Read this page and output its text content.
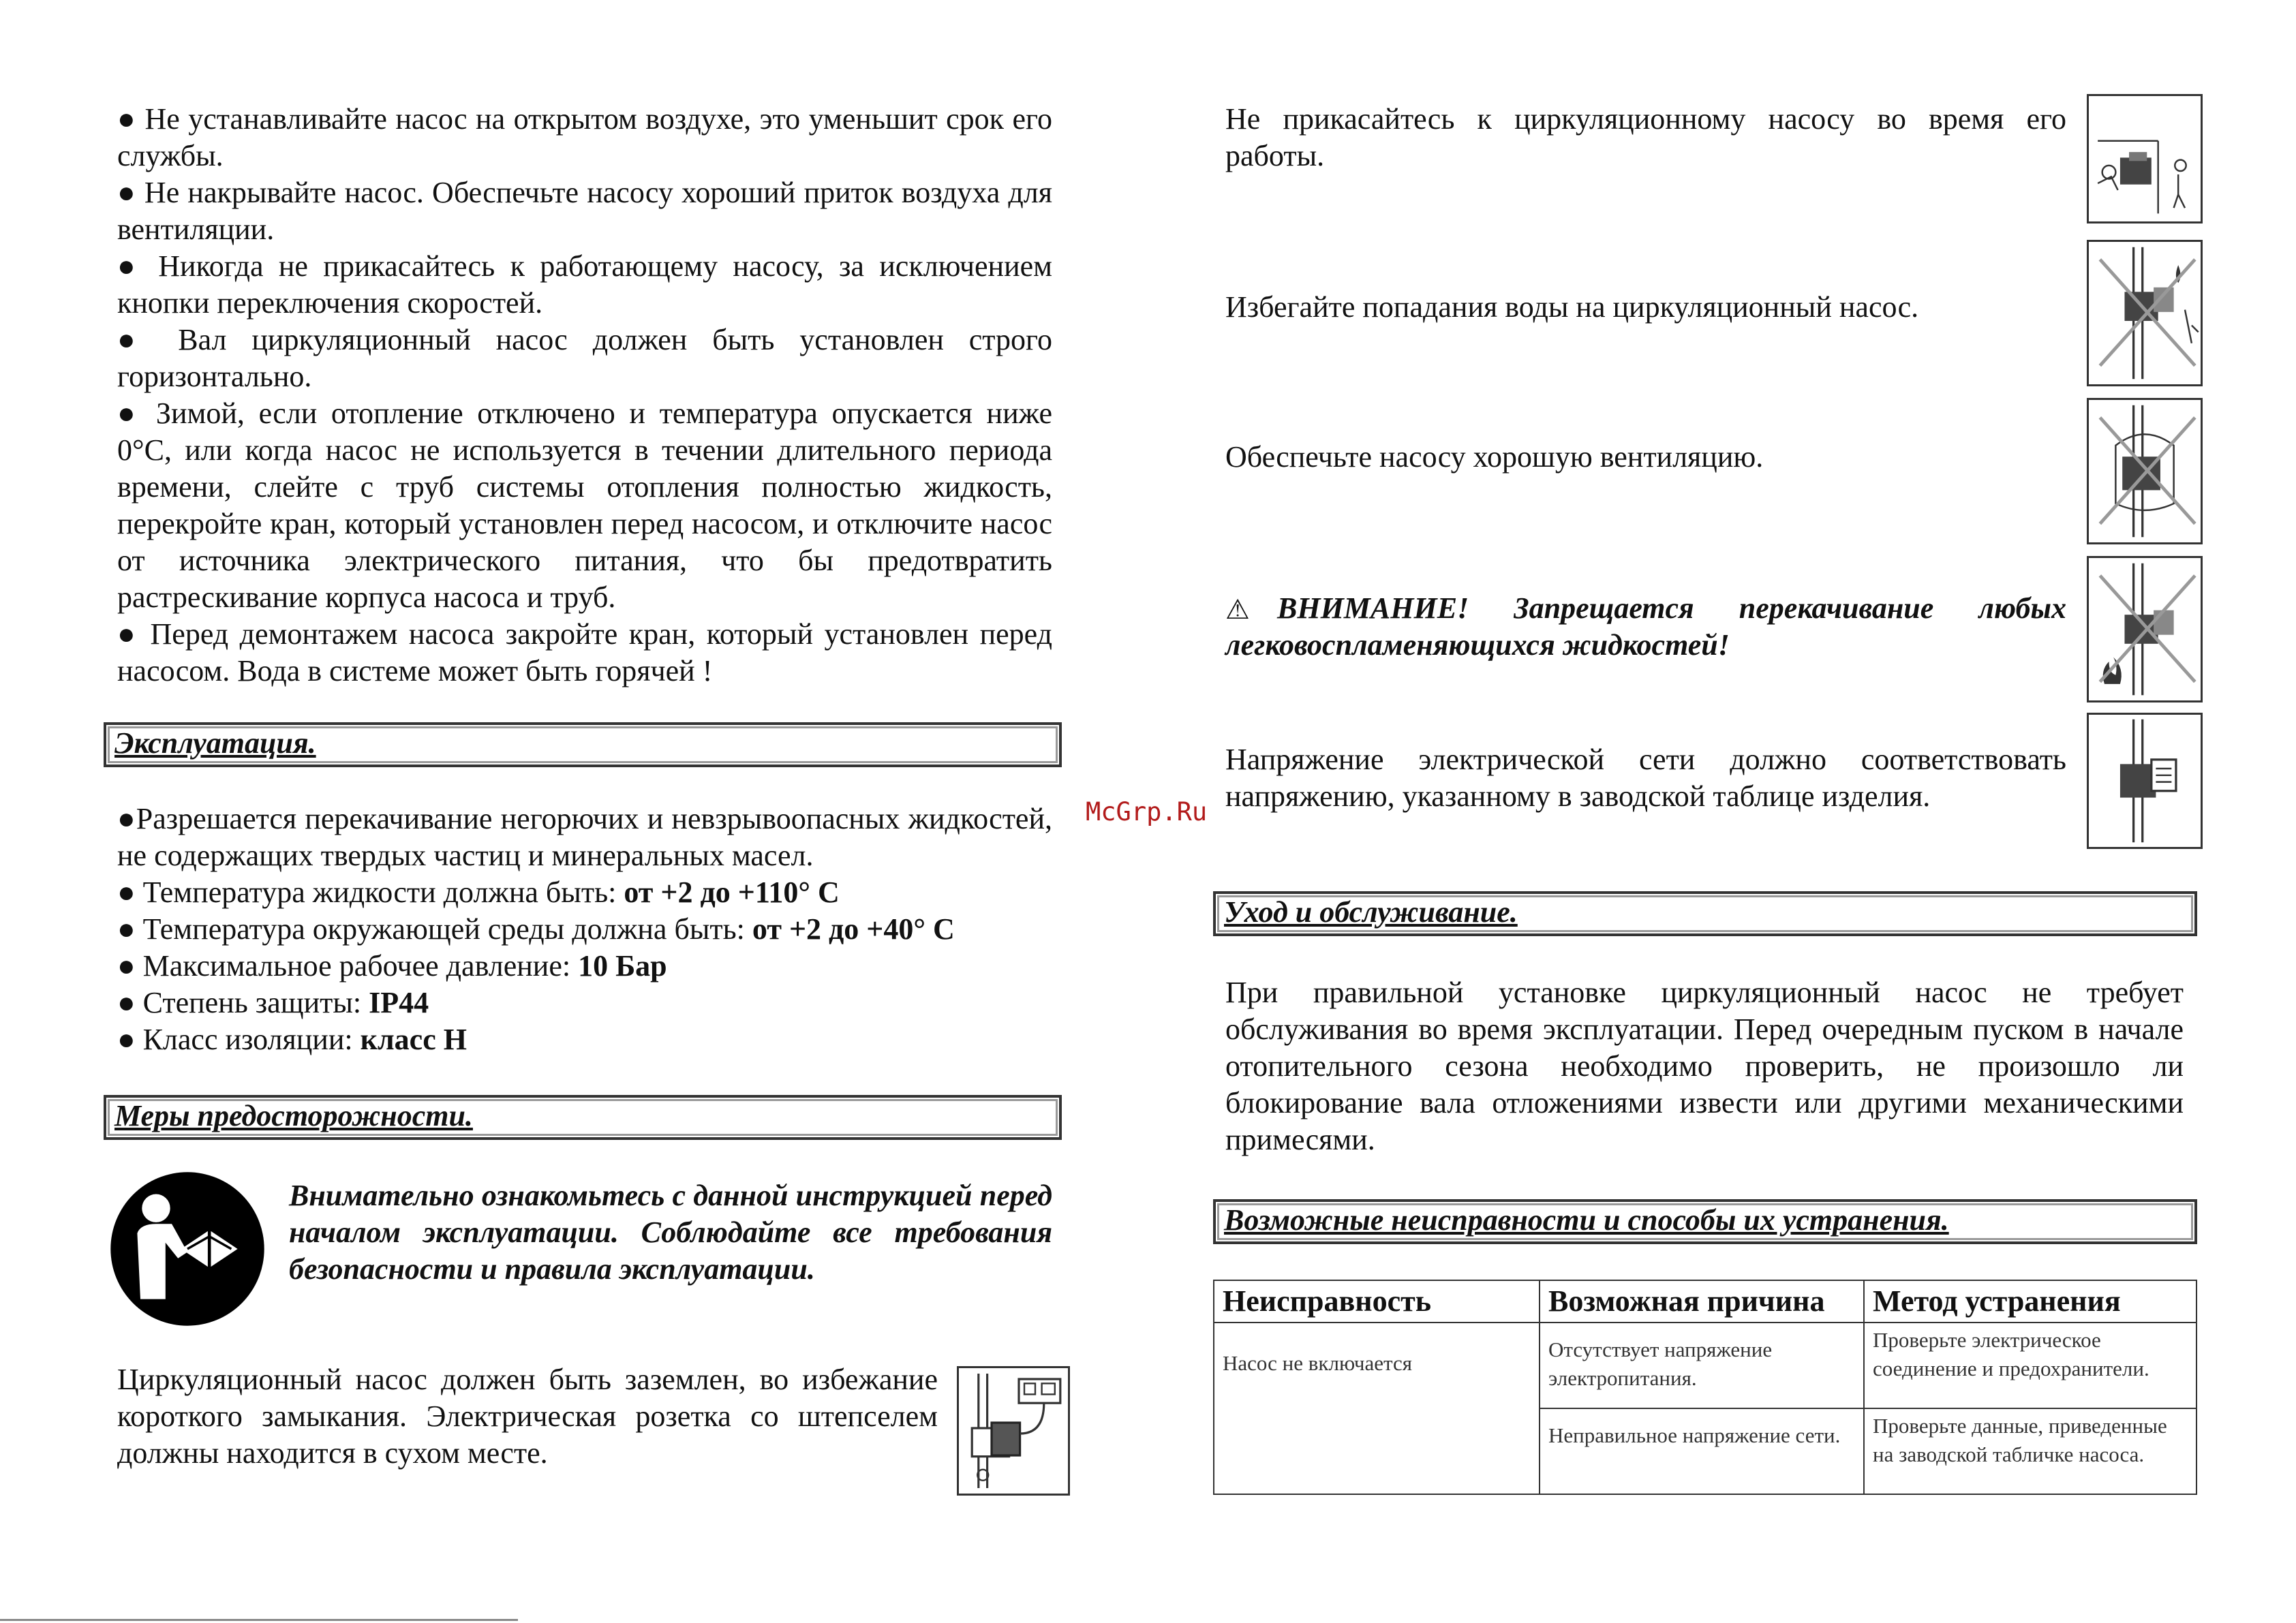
● Не устанавливайте насос на открытом воздухе, это уменьшит срок его службы.

● Не накрывайте насос. Обеспечьте насосу хороший приток воздуха для вентиляции.

● Никогда не прикасайтесь к работающему насосу, за исключением кнопки переключения скоростей.

● Вал циркуляционный насос должен быть установлен строго горизонтально.

● Зимой, если отопление отключено и температура опускается ниже 0°C, или когда насос не используется в течении длительного периода времени, слейте с труб системы отопления полностью жидкость, перекройте кран, который установлен перед насосом, и отключите насос от источника электрического питания, что бы предотвратить растрескивание корпуса насоса и труб.

● Перед демонтажем насоса закройте кран, который установлен перед насосом. Вода в системе может быть горячей !

Эксплуатация.

●Разрешается перекачивание негорючих и невзрывоопасных жидкостей, не содержащих твердых частиц и минеральных масел.

● Температура жидкости должна быть: от +2 до +110° C

● Температура окружающей среды должна быть: от +2 до +40° C

● Максимальное рабочее давление: 10 Бар

● Степень защиты: IP44

● Класс изоляции: класс H

Меры предосторожности.

Внимательно ознакомьтесь с данной инструкцией перед началом эксплуатации. Соблюдайте все требования безопасности и правила эксплуатации.

Циркуляционный насос должен быть заземлен, во избежание короткого замыкания. Электрическая розетка со штепселем должны находится в сухом месте.

Не прикасайтесь к циркуляционному насосу во время его работы.

Избегайте попадания воды на циркуляционный насос.

Обеспечьте насосу хорошую вентиляцию.

⚠ ВНИМАНИЕ! Запрещается перекачивание любых легковоспламеняющихся жидкостей!

Напряжение электрической сети должно соответствовать напряжению, указанному в заводской таблице изделия.

McGrp.Ru
Уход и обслуживание.

При правильной установке циркуляционный насос не требует обслуживания во время эксплуатации. Перед очередным пуском в начале отопительного сезона необходимо проверить, не произошло ли блокирование вала отложениями извести или другими механическими примесями.

Возможные неисправности и способы их устранения.
Неисправность	Возможная причина	Метод устранения
Насос не включается	Отсутствует напряжение электропитания.	Проверьте электрическое соединение и предохранители.
	Неправильное напряжение сети.	Проверьте данные, приведенные на заводской табличке насоса.
